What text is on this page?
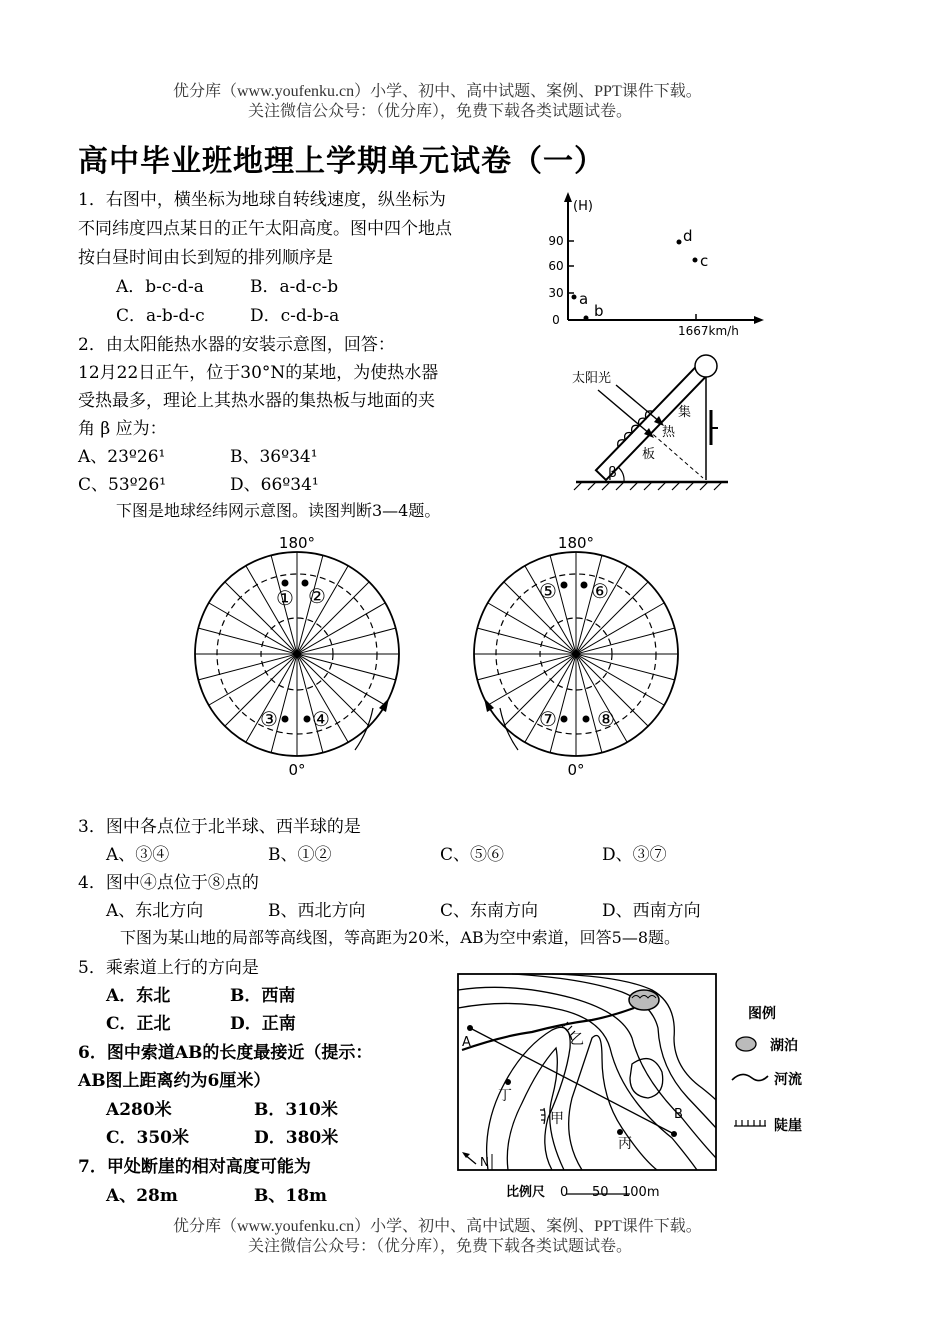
优分库（www.youfenku.cn）小学、初中、高中试题、案例、PPT课件下载。
关注微信公众号：（优分库），免费下载各类试题试卷。
高中毕业班地理上学期单元试卷（一）
1．右图中，横坐标为地球自转线速度，纵坐标为
不同纬度四点某日的正午太阳高度。图中四个地点
按白昼时间由长到短的排列顺序是
A．b-c-d-a	B．a-d-c-b
C．a-b-d-c	D．c-d-b-a
2．由太阳能热水器的安装示意图，回答：
12月22日正午，位于30°N的某地，为使热水器
受热最多，理论上其热水器的集热板与地面的夹
角 β 应为：
A、23º26¹	B、36º34¹
C、53º26¹	D、66º34¹
下图是地球经纬网示意图。读图判断3—4题。
(H)
90
60
30
0
1667km/h
a
b
d
c
太阳光
集
热
板
β
180°
① ②
③ ④
0°
180°
⑤ ⑥
⑦ ⑧
0°
3．图中各点位于北半球、西半球的是
A、③④	B、①②	C、⑤⑥	D、③⑦
4．图中④点位于⑧点的
A、东北方向	B、西北方向	C、东南方向	D、西南方向
下图为某山地的局部等高线图，等高距为20米，AB为空中索道，回答5—8题。
5．乘索道上行的方向是
A．东北	B．西南
C．正北	D．正南
6．图中索道AB的长度最接近（提示：
AB图上距离约为6厘米）
A280米	B．310米
C．350米	D．380米
7．甲处断崖的相对高度可能为
A、28m	B、18m
A
B
乙
丁
甲
丙
N
图例
湖泊
河流
陡崖
比例尺 0 50 100m
优分库（www.youfenku.cn）小学、初中、高中试题、案例、PPT课件下载。
关注微信公众号：（优分库），免费下载各类试题试卷。
